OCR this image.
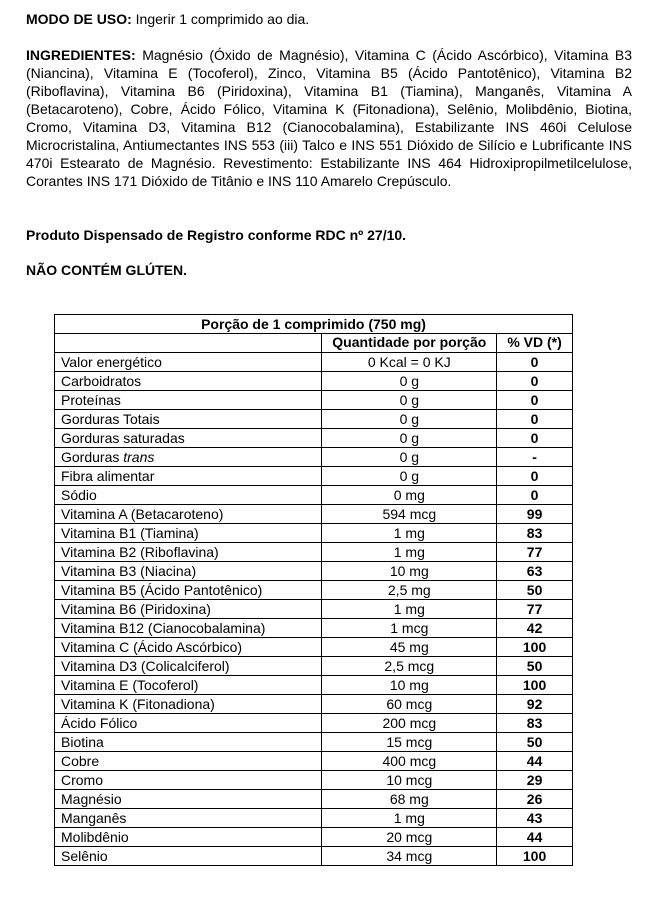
MODO DE USO: Ingerir 1 comprimido ao dia.
INGREDIENTES: Magnésio (Óxido de Magnésio), Vitamina C (Ácido Ascórbico), Vitamina B3 (Niancina), Vitamina E (Tocoferol), Zinco, Vitamina B5 (Ácido Pantotênico), Vitamina B2 (Riboflavina), Vitamina B6 (Piridoxina), Vitamina B1 (Tiamina), Manganês, Vitamina A (Betacaroteno), Cobre, Ácido Fólico, Vitamina K (Fitonadiona), Selênio, Molibdênio, Biotina, Cromo, Vitamina D3, Vitamina B12 (Cianocobalamina), Estabilizante INS 460i Celulose Microcristalina, Antiumectantes INS 553 (iii) Talco e INS 551 Dióxido de Silício e Lubrificante INS 470i Estearato de Magnésio. Revestimento: Estabilizante INS 464 Hidroxipropilmetilcelulose, Corantes INS 171 Dióxido de Titânio e INS 110 Amarelo Crepúsculo.
Produto Dispensado de Registro conforme RDC nº 27/10.
NÃO CONTÉM GLÚTEN.
Porção de 1 comprimido (750 mg)		
	Quantidade por porção	% VD (*)
Valor energético	0 Kcal = 0 KJ	0
Carboidratos	0 g	0
Proteínas	0 g	0
Gorduras Totais	0 g	0
Gorduras saturadas	0 g	0
Gorduras trans	0 g	-
Fibra alimentar	0 g	0
Sódio	0 mg	0
Vitamina A (Betacaroteno)	594 mcg	99
Vitamina B1 (Tiamina)	1 mg	83
Vitamina B2 (Riboflavina)	1 mg	77
Vitamina B3 (Niacina)	10 mg	63
Vitamina B5 (Ácido Pantotênico)	2,5 mg	50
Vitamina B6 (Piridoxina)	1 mg	77
Vitamina B12 (Cianocobalamina)	1 mcg	42
Vitamina C (Ácido Ascórbico)	45 mg	100
Vitamina D3 (Colicalciferol)	2,5 mcg	50
Vitamina E (Tocoferol)	10 mg	100
Vitamina K (Fitonadiona)	60 mcg	92
Ácido Fólico	200 mcg	83
Biotina	15 mcg	50
Cobre	400 mcg	44
Cromo	10 mcg	29
Magnésio	68 mg	26
Manganês	1 mg	43
Molibdênio	20 mcg	44
Selênio	34 mcg	100
